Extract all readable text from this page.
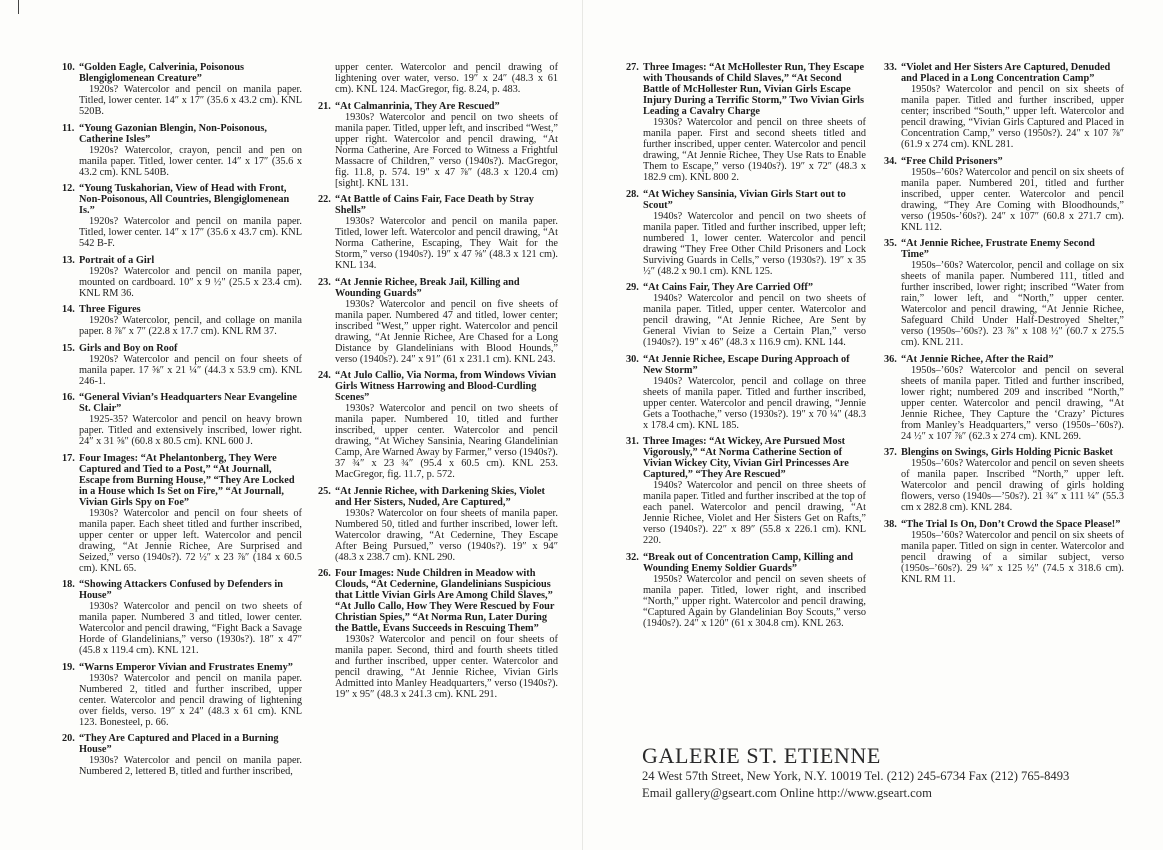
10. “Golden Eagle, Calverinia, Poisonous Blengiglomenean Creature”
1920s? Watercolor and pencil on manila paper. Titled, lower center. 14″ x 17″ (35.6 x 43.2 cm). KNL 520B.
11. “Young Gazonian Blengin, Non-Poisonous, Catherine Isles”
1920s? Watercolor, crayon, pencil and pen on manila paper. Titled, lower center. 14″ x 17″ (35.6 x 43.2 cm). KNL 540B.
12. “Young Tuskahorian, View of Head with Front, Non-Poisonous, All Countries, Blengiglomenean Is.”
1920s? Watercolor and pencil on manila paper. Titled, lower center. 14″ x 17″ (35.6 x 43.7 cm). KNL 542 B-F.
13. Portrait of a Girl
1920s? Watercolor and pencil on manila paper, mounted on cardboard. 10″ x 9 ½″ (25.5 x 23.4 cm). KNL RM 36.
14. Three Figures
1920s? Watercolor, pencil, and collage on manila paper. 8 ⅞″ x 7″ (22.8 x 17.7 cm). KNL RM 37.
15. Girls and Boy on Roof
1920s? Watercolor and pencil on four sheets of manila paper. 17 ⅝″ x 21 ¼″ (44.3 x 53.9 cm). KNL 246-1.
16. “General Vivian’s Headquarters Near Evangeline St. Clair”
1925-35? Watercolor and pencil on heavy brown paper. Titled and extensively inscribed, lower right. 24″ x 31 ⅝″ (60.8 x 80.5 cm). KNL 600 J.
17. Four Images: “At Phelantonberg, They Were Captured and Tied to a Post,” “At Journall, Escape from Burning House,” “They Are Locked in a House which Is Set on Fire,” “At Journall, Vivian Girls Spy on Foe”
1930s? Watercolor and pencil on four sheets of manila paper. Each sheet titled and further inscribed, upper center or upper left. Watercolor and pencil drawing, “At Jennie Richee, Are Surprised and Seized,” verso (1940s?). 72 ½″ x 23 ⅞″ (184 x 60.5 cm). KNL 65.
18. “Showing Attackers Confused by Defenders in House”
1930s? Watercolor and pencil on two sheets of manila paper. Numbered 3 and titled, lower center. Watercolor and pencil drawing, “Fight Back a Savage Horde of Glandelinians,” verso (1930s?). 18″ x 47″ (45.8 x 119.4 cm). KNL 121.
19. “Warns Emperor Vivian and Frustrates Enemy”
1930s? Watercolor and pencil on manila paper. Numbered 2, titled and further inscribed, upper center. Watercolor and pencil drawing of lightening over fields, verso. 19″ x 24″ (48.3 x 61 cm). KNL 123. Bonesteel, p. 66.
20. “They Are Captured and Placed in a Burning House”
1930s? Watercolor and pencil on manila paper. Numbered 2, lettered B, titled and further inscribed,
upper center. Watercolor and pencil drawing of lightening over water, verso. 19″ x 24″ (48.3 x 61 cm). KNL 124. MacGregor, fig. 8.24, p. 483.
21. “At Calmanrinia, They Are Rescued”
1930s? Watercolor and pencil on two sheets of manila paper. Titled, upper left, and inscribed “West,” upper right. Watercolor and pencil drawing, “At Norma Catherine, Are Forced to Witness a Frightful Massacre of Children,” verso (1940s?). MacGregor, fig. 11.8, p. 574. 19″ x 47 ⅞″ (48.3 x 120.4 cm) [sight]. KNL 131.
22. “At Battle of Cains Fair, Face Death by Stray Shells”
1930s? Watercolor and pencil on manila paper. Titled, lower left. Watercolor and pencil drawing, “At Norma Catherine, Escaping, They Wait for the Storm,” verso (1940s?). 19″ x 47 ⅝″ (48.3 x 121 cm). KNL 134.
23. “At Jennie Richee, Break Jail, Killing and Wounding Guards”
1930s? Watercolor and pencil on five sheets of manila paper. Numbered 47 and titled, lower center; inscribed “West,” upper right. Watercolor and pencil drawing, “At Jennie Richee, Are Chased for a Long Distance by Glandelinians with Blood Hounds,” verso (1940s?). 24″ x 91″ (61 x 231.1 cm). KNL 243.
24. “At Julo Callio, Via Norma, from Windows Vivian Girls Witness Harrowing and Blood-Curdling Scenes”
1930s? Watercolor and pencil on two sheets of manila paper. Numbered 10, titled and further inscribed, upper center. Watercolor and pencil drawing, “At Wichey Sansinia, Nearing Glandelinian Camp, Are Warned Away by Farmer,” verso (1940s?). 37 ¾″ x 23 ¾″ (95.4 x 60.5 cm). KNL 253. MacGregor, fig. 11.7, p. 572.
25. “At Jennie Richee, with Darkening Skies, Violet and Her Sisters, Nuded, Are Captured,”
1930s? Watercolor on four sheets of manila paper. Numbered 50, titled and further inscribed, lower left. Watercolor drawing, “At Cedernine, They Escape After Being Pursued,” verso (1940s?). 19″ x 94″ (48.3 x 238.7 cm). KNL 290.
26. Four Images: Nude Children in Meadow with Clouds, “At Cedernine, Glandelinians Suspicious that Little Vivian Girls Are Among Child Slaves,” “At Jullo Callo, How They Were Rescued by Four Christian Spies,” “At Norma Run, Later During the Battle, Evans Succeeds in Rescuing Them”
1930s? Watercolor and pencil on four sheets of manila paper. Second, third and fourth sheets titled and further inscribed, upper center. Watercolor and pencil drawing, “At Jennie Richee, Vivian Girls Admitted into Manley Headquarters,” verso (1940s?). 19″ x 95″ (48.3 x 241.3 cm). KNL 291.
27. Three Images: “At McHollester Run, They Escape with Thousands of Child Slaves,” “At Second Battle of McHollester Run, Vivian Girls Escape Injury During a Terrific Storm,” Two Vivian Girls Leading a Cavalry Charge
1930s? Watercolor and pencil on three sheets of manila paper. First and second sheets titled and further inscribed, upper center. Watercolor and pencil drawing, “At Jennie Richee, They Use Rats to Enable Them to Escape,” verso (1940s?). 19″ x 72″ (48.3 x 182.9 cm). KNL 800 2.
28. “At Wichey Sansinia, Vivian Girls Start out to Scout”
1940s? Watercolor and pencil on two sheets of manila paper. Titled and further inscribed, upper left; numbered 1, lower center. Watercolor and pencil drawing “They Free Other Child Prisoners and Lock Surviving Guards in Cells,” verso (1930s?). 19″ x 35 ½″ (48.2 x 90.1 cm). KNL 125.
29. “At Cains Fair, They Are Carried Off”
1940s? Watercolor and pencil on two sheets of manila paper. Titled, upper center. Watercolor and pencil drawing, “At Jennie Richee, Are Sent by General Vivian to Seize a Certain Plan,” verso (1940s?). 19″ x 46″ (48.3 x 116.9 cm). KNL 144.
30. “At Jennie Richee, Escape During Approach of New Storm”
1940s? Watercolor, pencil and collage on three sheets of manila paper. Titled and further inscribed, upper center. Watercolor and pencil drawing, “Jennie Gets a Toothache,” verso (1930s?). 19″ x 70 ¼″ (48.3 x 178.4 cm). KNL 185.
31. Three Images: “At Wickey, Are Pursued Most Vigorously,” “At Norma Catherine Section of Vivian Wickey City, Vivian Girl Princesses Are Captured,” “They Are Rescued”
1940s? Watercolor and pencil on three sheets of manila paper. Titled and further inscribed at the top of each panel. Watercolor and pencil drawing, “At Jennie Richee, Violet and Her Sisters Get on Rafts,” verso (1940s?). 22″ x 89″ (55.8 x 226.1 cm). KNL 220.
32. “Break out of Concentration Camp, Killing and Wounding Enemy Soldier Guards”
1950s? Watercolor and pencil on seven sheets of manila paper. Titled, lower right, and inscribed “North,” upper right. Watercolor and pencil drawing, “Captured Again by Glandelinian Boy Scouts,” verso (1940s?). 24″ x 120″ (61 x 304.8 cm). KNL 263.
33. “Violet and Her Sisters Are Captured, Denuded and Placed in a Long Concentration Camp”
1950s? Watercolor and pencil on six sheets of manila paper. Titled and further inscribed, upper center; inscribed “South,” upper left. Watercolor and pencil drawing, “Vivian Girls Captured and Placed in Concentration Camp,” verso (1950s?). 24″ x 107 ⅞″ (61.9 x 274 cm). KNL 281.
34. “Free Child Prisoners”
1950s–’60s? Watercolor and pencil on six sheets of manila paper. Numbered 201, titled and further inscribed, upper center. Watercolor and pencil drawing, “They Are Coming with Bloodhounds,” verso (1950s-’60s?). 24″ x 107″ (60.8 x 271.7 cm). KNL 112.
35. “At Jennie Richee, Frustrate Enemy Second Time”
1950s–’60s? Watercolor, pencil and collage on six sheets of manila paper. Numbered 111, titled and further inscribed, lower right; inscribed “Water from rain,” lower left, and “North,” upper center. Watercolor and pencil drawing, “At Jennie Richee, Safeguard Child Under Half-Destroyed Shelter,” verso (1950s–’60s?). 23 ⅞″ x 108 ½″ (60.7 x 275.5 cm). KNL 211.
36. “At Jennie Richee, After the Raid”
1950s–’60s? Watercolor and pencil on several sheets of manila paper. Titled and further inscribed, lower right; numbered 209 and inscribed “North,” upper center. Watercolor and pencil drawing, “At Jennie Richee, They Capture the ‘Crazy’ Pictures from Manley’s Headquarters,” verso (1950s–’60s?). 24 ½″ x 107 ⅞″ (62.3 x 274 cm). KNL 269.
37. Blengins on Swings, Girls Holding Picnic Basket
1950s–’60s? Watercolor and pencil on seven sheets of manila paper. Inscribed “North,” upper left. Watercolor and pencil drawing of girls holding flowers, verso (1940s—’50s?). 21 ¾″ x 111 ¼″ (55.3 cm x 282.8 cm). KNL 284.
38. “The Trial Is On, Don’t Crowd the Space Please!”
1950s–’60s? Watercolor and pencil on six sheets of manila paper. Titled on sign in center. Watercolor and pencil drawing of a similar subject, verso (1950s–’60s?). 29 ¼″ x 125 ½″ (74.5 x 318.6 cm). KNL RM 11.
GALERIE ST. ETIENNE
24 West 57th Street, New York, N.Y. 10019 Tel. (212) 245-6734 Fax (212) 765-8493
Email gallery@gseart.com Online http://www.gseart.com
